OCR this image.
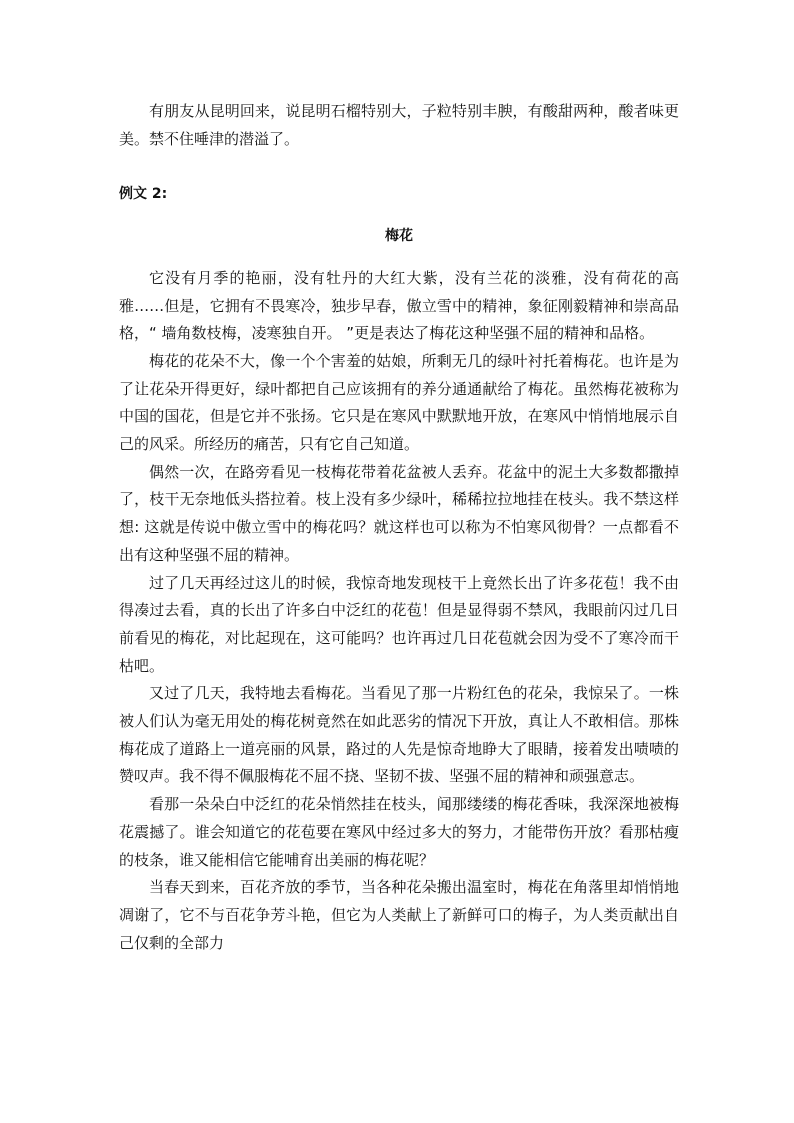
有朋友从昆明回来，说昆明石榴特别大，子粒特别丰腴，有酸甜两种，酸者味更美。禁不住唾津的潜溢了。

例文 2:

梅花

它没有月季的艳丽，没有牡丹的大红大紫，没有兰花的淡雅，没有荷花的高雅……但是，它拥有不畏寒冷，独步早春，傲立雪中的精神，象征刚毅精神和崇高品格，“ 墙角数枝梅，凌寒独自开。 ”更是表达了梅花这种坚强不屈的精神和品格。

梅花的花朵不大，像一个个害羞的姑娘，所剩无几的绿叶衬托着梅花。也许是为了让花朵开得更好，绿叶都把自己应该拥有的养分通通献给了梅花。虽然梅花被称为中国的国花，但是它并不张扬。它只是在寒风中默默地开放，在寒风中悄悄地展示自己的风采。所经历的痛苦，只有它自己知道。

偶然一次，在路旁看见一枝梅花带着花盆被人丢弃。花盆中的泥土大多数都撒掉了，枝干无奈地低头搭拉着。枝上没有多少绿叶，稀稀拉拉地挂在枝头。我不禁这样想: 这就是传说中傲立雪中的梅花吗？就这样也可以称为不怕寒风彻骨？一点都看不出有这种坚强不屈的精神。

过了几天再经过这儿的时候，我惊奇地发现枝干上竟然长出了许多花苞！我不由得凑过去看，真的长出了许多白中泛红的花苞！但是显得弱不禁风，我眼前闪过几日前看见的梅花，对比起现在，这可能吗？也许再过几日花苞就会因为受不了寒冷而干枯吧。

又过了几天，我特地去看梅花。当看见了那一片粉红色的花朵，我惊呆了。一株被人们认为毫无用处的梅花树竟然在如此恶劣的情况下开放，真让人不敢相信。那株梅花成了道路上一道亮丽的风景，路过的人先是惊奇地睁大了眼睛，接着发出啧啧的赞叹声。我不得不佩服梅花不屈不挠、坚韧不拔、坚强不屈的精神和顽强意志。

看那一朵朵白中泛红的花朵悄然挂在枝头，闻那缕缕的梅花香味，我深深地被梅花震撼了。谁会知道它的花苞要在寒风中经过多大的努力，才能带伤开放？看那枯瘦的枝条，谁又能相信它能哺育出美丽的梅花呢？

当春天到来，百花齐放的季节，当各种花朵搬出温室时，梅花在角落里却悄悄地凋谢了，它不与百花争芳斗艳，但它为人类献上了新鲜可口的梅子，为人类贡献出自己仅剩的全部力
